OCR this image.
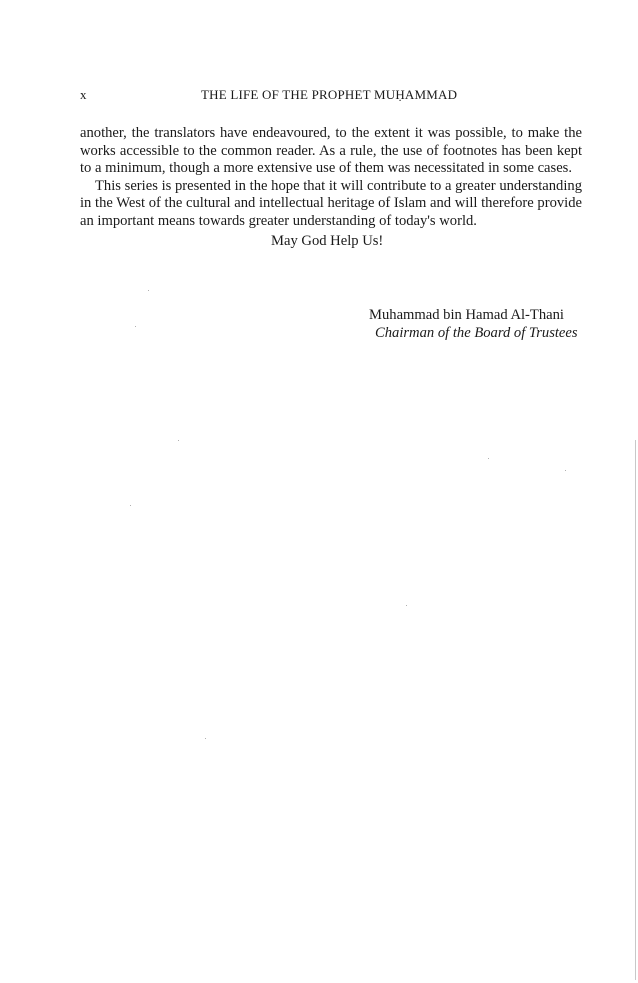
x	THE LIFE OF THE PROPHET MUḤAMMAD

another, the translators have endeavoured, to the extent it was possible, to make the works accessible to the common reader. As a rule, the use of footnotes has been kept to a minimum, though a more extensive use of them was necessitated in some cases.

This series is presented in the hope that it will contribute to a greater understanding in the West of the cultural and intellectual heritage of Islam and will therefore provide an important means towards greater understanding of today's world.

May God Help Us!

Muhammad bin Hamad Al-Thani
Chairman of the Board of Trustees
